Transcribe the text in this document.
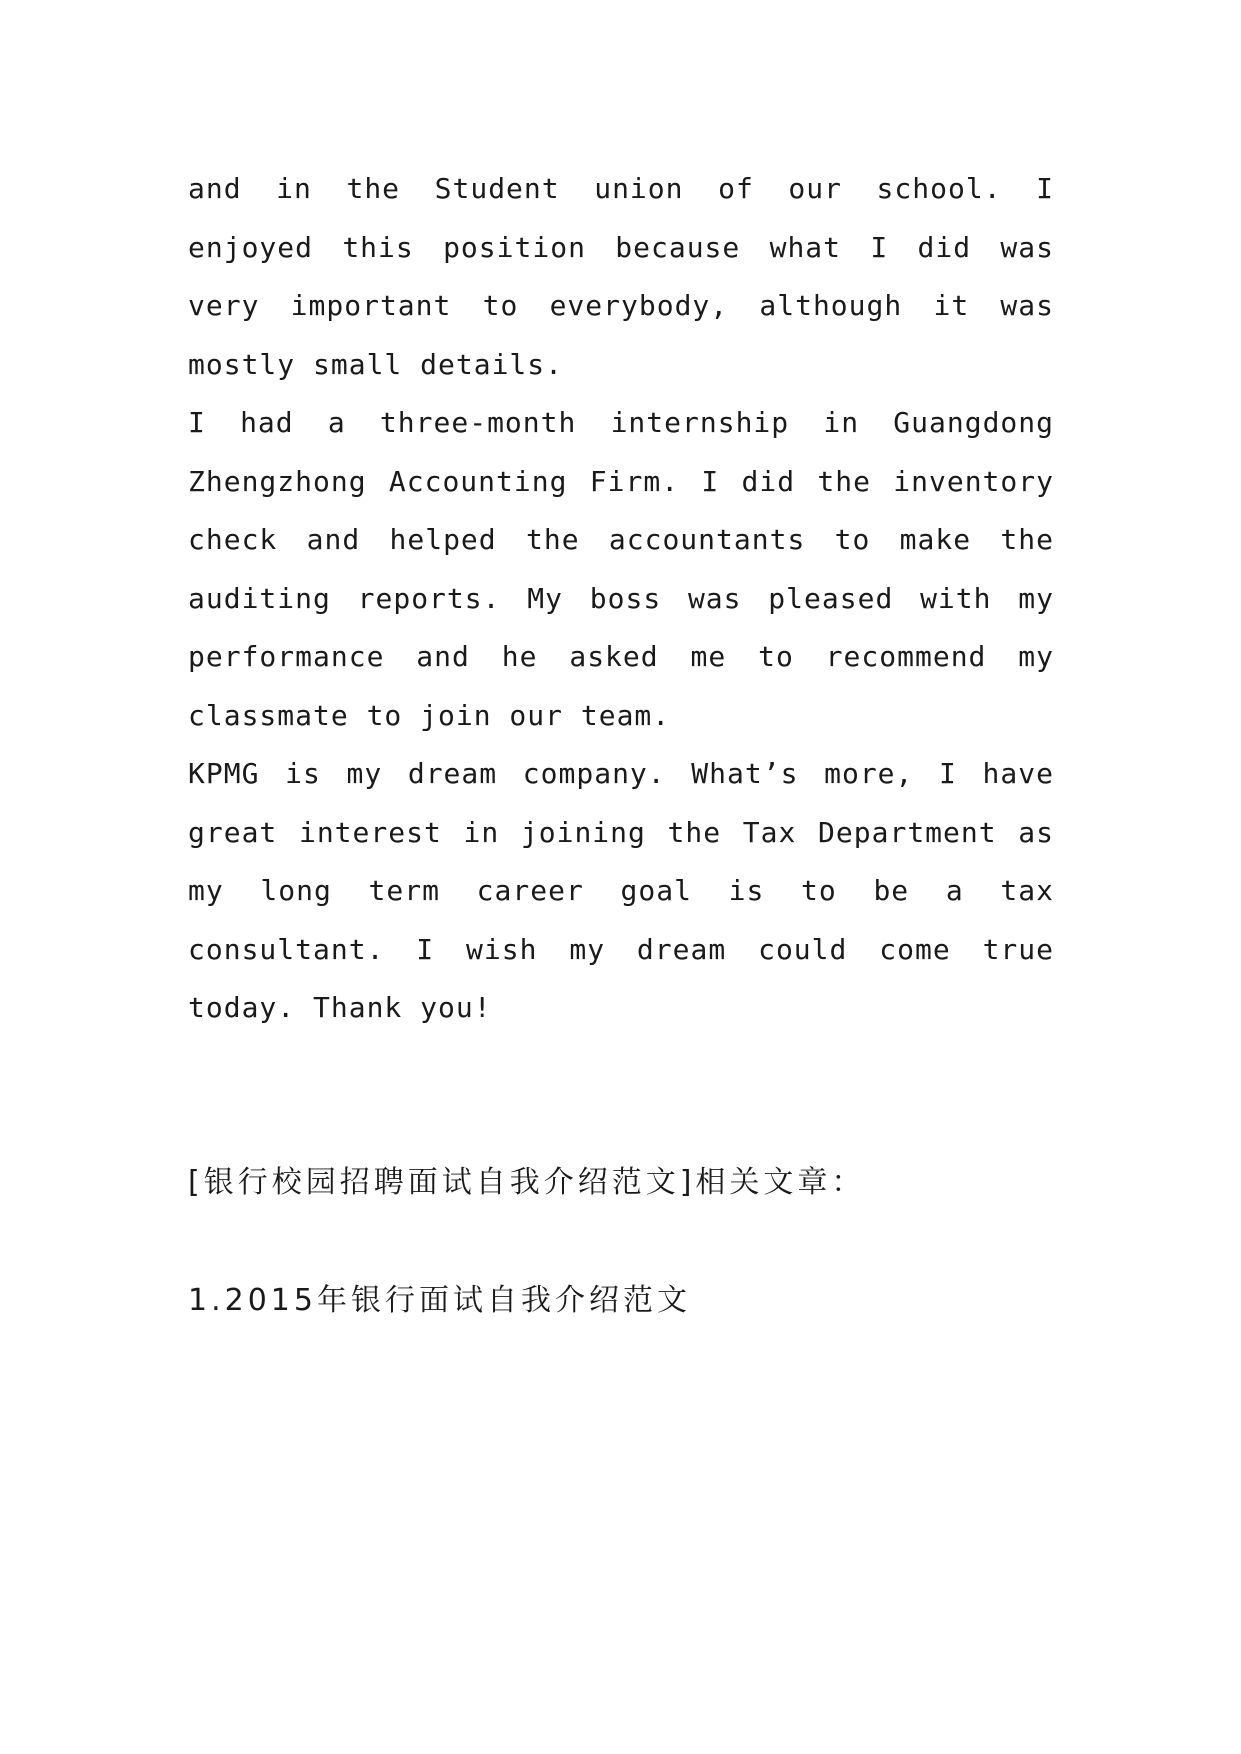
and in the Student union of our school. I enjoyed this position because what I did was very important to everybody, although it was mostly small details.

I had a three-month internship in Guangdong Zhengzhong Accounting Firm. I did the inventory check and helped the accountants to make the auditing reports. My boss was pleased with my performance and he asked me to recommend my classmate to join our team.

KPMG is my dream company. What’s more, I have great interest in joining the Tax Department as my long term career goal is to be a tax consultant. I wish my dream could come true today. Thank you!

[银行校园招聘面试自我介绍范文]相关文章：
1.2015年银行面试自我介绍范文
